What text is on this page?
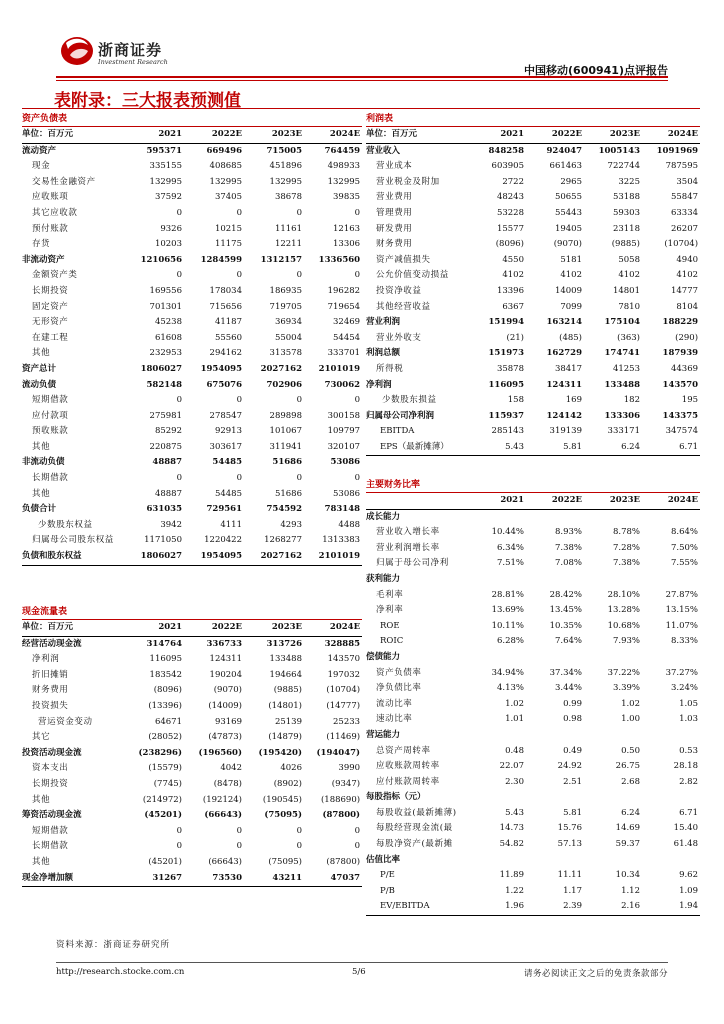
浙商证券
Investment Research
中国移动(600941)点评报告
表附录：三大报表预测值
资产负债表				
单位：百万元	2021	2022E	2023E	2024E
流动资产	595371	669496	715005	764459
现金	335155	408685	451896	498933
交易性金融资产	132995	132995	132995	132995
应收账项	37592	37405	38678	39835
其它应收款	0	0	0	0
预付账款	9326	10215	11161	12163
存货	10203	11175	12211	13306
非流动资产	1210656	1284599	1312157	1336560
金额资产类	0	0	0	0
长期投资	169556	178034	186935	196282
固定资产	701301	715656	719705	719654
无形资产	45238	41187	36934	32469
在建工程	61608	55560	55004	54454
其他	232953	294162	313578	333701
资产总计	1806027	1954095	2027162	2101019
流动负债	582148	675076	702906	730062
短期借款	0	0	0	0
应付款项	275981	278547	289898	300158
预收账款	85292	92913	101067	109797
其他	220875	303617	311941	320107
非流动负债	48887	54485	51686	53086
长期借款	0	0	0	0
其他	48887	54485	51686	53086
负债合计	631035	729561	754592	783148
少数股东权益	3942	4111	4293	4488
归属母公司股东权益	1171050	1220422	1268277	1313383
负债和股东权益	1806027	1954095	2027162	2101019
现金流量表				
单位：百万元	2021	2022E	2023E	2024E
经营活动现金流	314764	336733	313726	328885
净利润	116095	124311	133488	143570
折旧摊销	183542	190204	194664	197032
财务费用	(8096)	(9070)	(9885)	(10704)
投资损失	(13396)	(14009)	(14801)	(14777)
营运资金变动	64671	93169	25139	25233
其它	(28052)	(47873)	(14879)	(11469)
投资活动现金流	(238296)	(196560)	(195420)	(194047)
资本支出	(15579)	4042	4026	3990
长期投资	(7745)	(8478)	(8902)	(9347)
其他	(214972)	(192124)	(190545)	(188690)
筹资活动现金流	(45201)	(66643)	(75095)	(87800)
短期借款	0	0	0	0
长期借款	0	0	0	0
其他	(45201)	(66643)	(75095)	(87800)
现金净增加额	31267	73530	43211	47037
利润表				
单位：百万元	2021	2022E	2023E	2024E
营业收入	848258	924047	1005143	1091969
营业成本	603905	661463	722744	787595
营业税金及附加	2722	2965	3225	3504
营业费用	48243	50655	53188	55847
管理费用	53228	55443	59303	63334
研发费用	15577	19405	23118	26207
财务费用	(8096)	(9070)	(9885)	(10704)
资产减值损失	4550	5181	5058	4940
公允价值变动损益	4102	4102	4102	4102
投资净收益	13396	14009	14801	14777
其他经营收益	6367	7099	7810	8104
营业利润	151994	163214	175104	188229
营业外收支	(21)	(485)	(363)	(290)
利润总额	151973	162729	174741	187939
所得税	35878	38417	41253	44369
净利润	116095	124311	133488	143570
少数股东损益	158	169	182	195
归属母公司净利润	115937	124142	133306	143375
EBITDA	285143	319139	333171	347574
EPS（最新摊薄）	5.43	5.81	6.24	6.71
主要财务比率				
	2021	2022E	2023E	2024E
成长能力				
营业收入增长率	10.44%	8.93%	8.78%	8.64%
营业利润增长率	6.34%	7.38%	7.28%	7.50%
归属于母公司净利	7.51%	7.08%	7.38%	7.55%
获利能力				
毛利率	28.81%	28.42%	28.10%	27.87%
净利率	13.69%	13.45%	13.28%	13.15%
ROE	10.11%	10.35%	10.68%	11.07%
ROIC	6.28%	7.64%	7.93%	8.33%
偿债能力				
资产负债率	34.94%	37.34%	37.22%	37.27%
净负债比率	4.13%	3.44%	3.39%	3.24%
流动比率	1.02	0.99	1.02	1.05
速动比率	1.01	0.98	1.00	1.03
营运能力				
总资产周转率	0.48	0.49	0.50	0.53
应收账款周转率	22.07	24.92	26.75	28.18
应付账款周转率	2.30	2.51	2.68	2.82
每股指标（元）				
每股收益(最新摊薄)	5.43	5.81	6.24	6.71
每股经营现金流(最	14.73	15.76	14.69	15.40
每股净资产(最新摊	54.82	57.13	59.37	61.48
估值比率				
P/E	11.89	11.11	10.34	9.62
P/B	1.22	1.17	1.12	1.09
EV/EBITDA	1.96	2.39	2.16	1.94
资料来源：浙商证券研究所
http://research.stocke.com.cn	5/6	请务必阅读正文之后的免责条款部分
